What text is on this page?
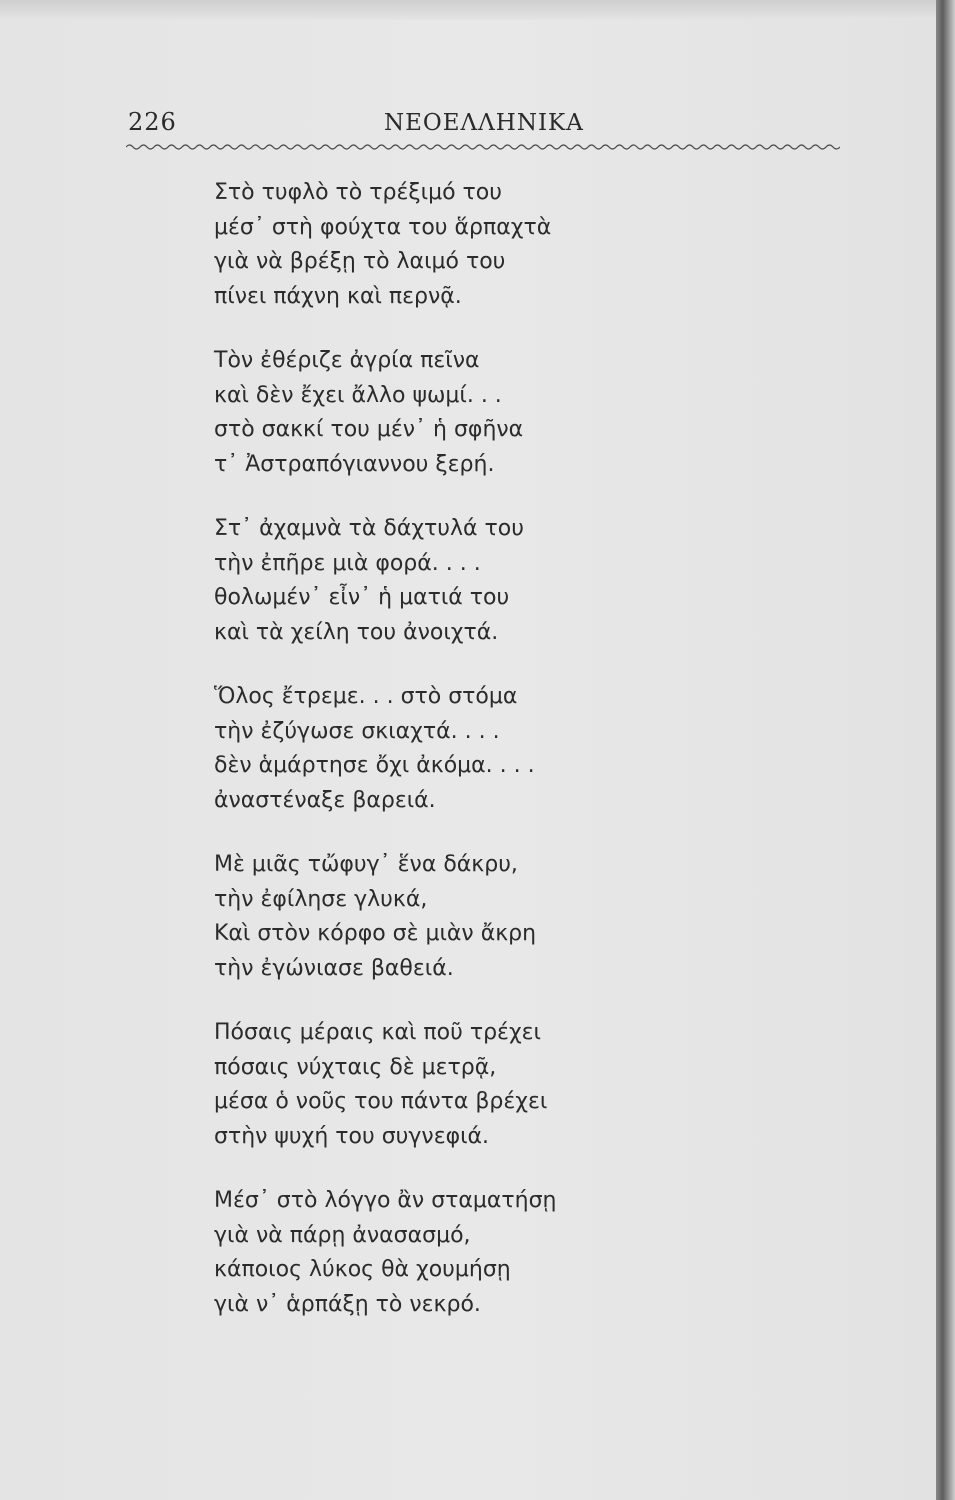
226	ΝΕΟΕΛΛΗΝΙΚΑ
Στὸ τυφλὸ τὸ τρέξιμό του
μέσ᾽ στὴ φούχτα του ἅρπαχτὰ
γιὰ νὰ βρέξῃ τὸ λαιμό του
πίνει πάχνη καὶ περνᾷ.
Τὸν ἐθέριζε ἀγρία πεῖνα
καὶ δὲν ἔχει ἄλλο ψωμί. . .
στὸ σακκί του μέν᾽ ἡ σφῆνα
τ᾽ Ἀστραπόγιαννου ξερή.
Στ᾽ ἀχαμνὰ τὰ δάχτυλά του
τὴν ἐπῆρε μιὰ φορά. . . .
θολωμέν᾽ εἶν᾽ ἡ ματιά του
καὶ τὰ χείλη του ἀνοιχτά.
Ὅλος ἔτρεμε. . . στὸ στόμα
τὴν ἐζύγωσε σκιαχτά. . . .
δὲν ἁμάρτησε ὄχι ἀκόμα. . . .
ἀναστέναξε βαρειά.
Μὲ μιᾶς τὤφυγ᾽ ἕνα δάκρυ,
τὴν ἐφίλησε γλυκά,
Καὶ στὸν κόρφο σὲ μιὰν ἄκρη
τὴν ἐγώνιασε βαθειά.
Πόσαις μέραις καὶ ποῦ τρέχει
πόσαις νύχταις δὲ μετρᾷ,
μέσα ὁ νοῦς του πάντα βρέχει
στὴν ψυχή του συγνεφιά.
Μέσ᾽ στὸ λόγγο ἂν σταματήσῃ
γιὰ νὰ πάρῃ ἀνασασμό,
κάποιος λύκος θὰ χουμήσῃ
γιὰ ν᾽ ἁρπάξῃ τὸ νεκρό.
